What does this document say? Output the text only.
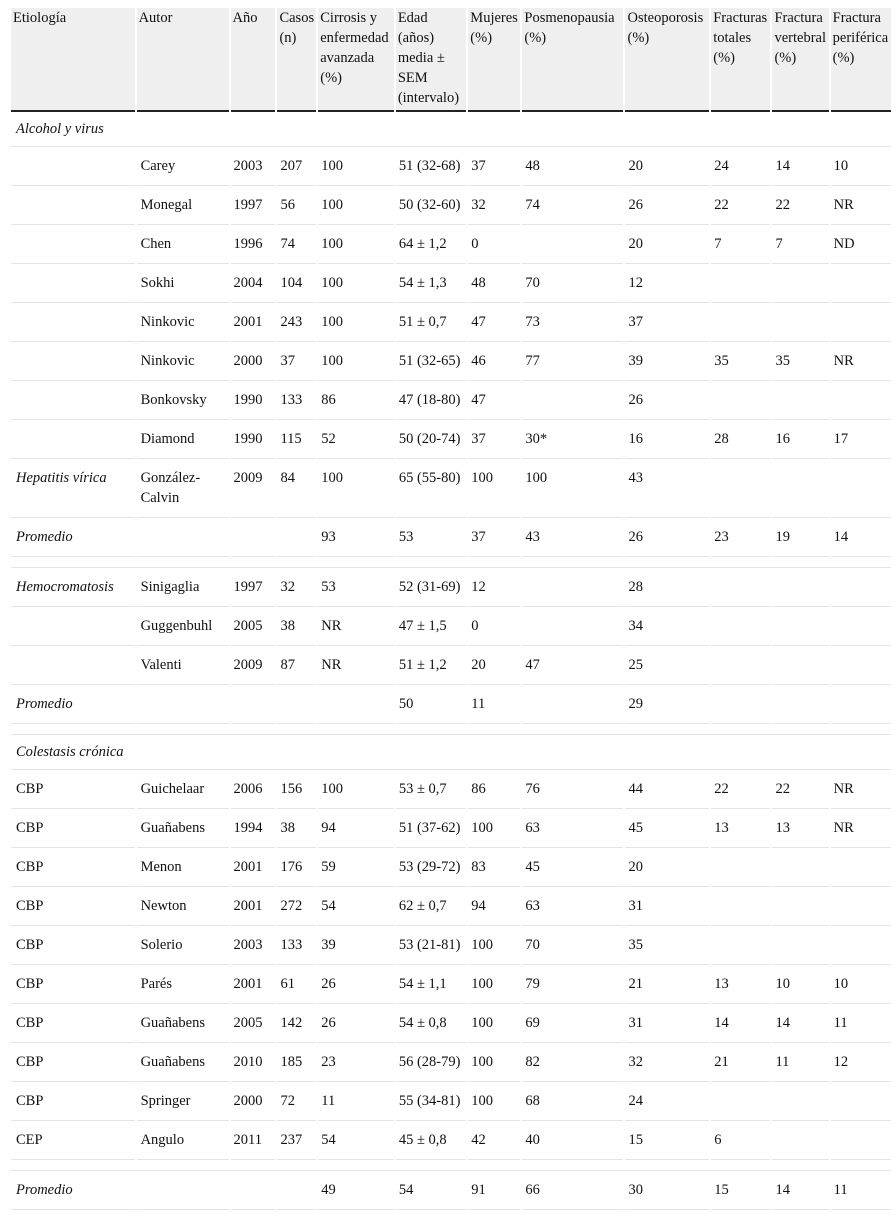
Etiología	Autor	Año	Casos (n)	Cirrosis y enfermedad avanzada (%)	Edad (años) media ± SEM (intervalo)	Mujeres (%)	Posmenopausia (%)	Osteoporosis (%)	Fracturas totales (%)	Fractura vertebral (%)	Fractura periférica (%)
Alcohol y virus											
	Carey	2003	207	100	51 (32-68)	37	48	20	24	14	10
	Monegal	1997	56	100	50 (32-60)	32	74	26	22	22	NR
	Chen	1996	74	100	64 ± 1,2	0		20	7	7	ND
	Sokhi	2004	104	100	54 ± 1,3	48	70	12			
	Ninkovic	2001	243	100	51 ± 0,7	47	73	37			
	Ninkovic	2000	37	100	51 (32-65)	46	77	39	35	35	NR
	Bonkovsky	1990	133	86	47 (18-80)	47		26			
	Diamond	1990	115	52	50 (20-74)	37	30*	16	28	16	17
Hepatitis vírica	González-Calvin	2009	84	100	65 (55-80)	100	100	43			
Promedio				93	53	37	43	26	23	19	14

Hemocromatosis	Sinigaglia	1997	32	53	52 (31-69)	12		28			
	Guggenbuhl	2005	38	NR	47 ± 1,5	0		34			
	Valenti	2009	87	NR	51 ± 1,2	20	47	25			
Promedio					50	11		29			

Colestasis crónica											
CBP	Guichelaar	2006	156	100	53 ± 0,7	86	76	44	22	22	NR
CBP	Guañabens	1994	38	94	51 (37-62)	100	63	45	13	13	NR
CBP	Menon	2001	176	59	53 (29-72)	83	45	20			
CBP	Newton	2001	272	54	62 ± 0,7	94	63	31			
CBP	Solerio	2003	133	39	53 (21-81)	100	70	35			
CBP	Parés	2001	61	26	54 ± 1,1	100	79	21	13	10	10
CBP	Guañabens	2005	142	26	54 ± 0,8	100	69	31	14	14	11
CBP	Guañabens	2010	185	23	56 (28-79)	100	82	32	21	11	12
CBP	Springer	2000	72	11	55 (34-81)	100	68	24			
CEP	Angulo	2011	237	54	45 ± 0,8	42	40	15	6		

Promedio				49	54	91	66	30	15	14	11
